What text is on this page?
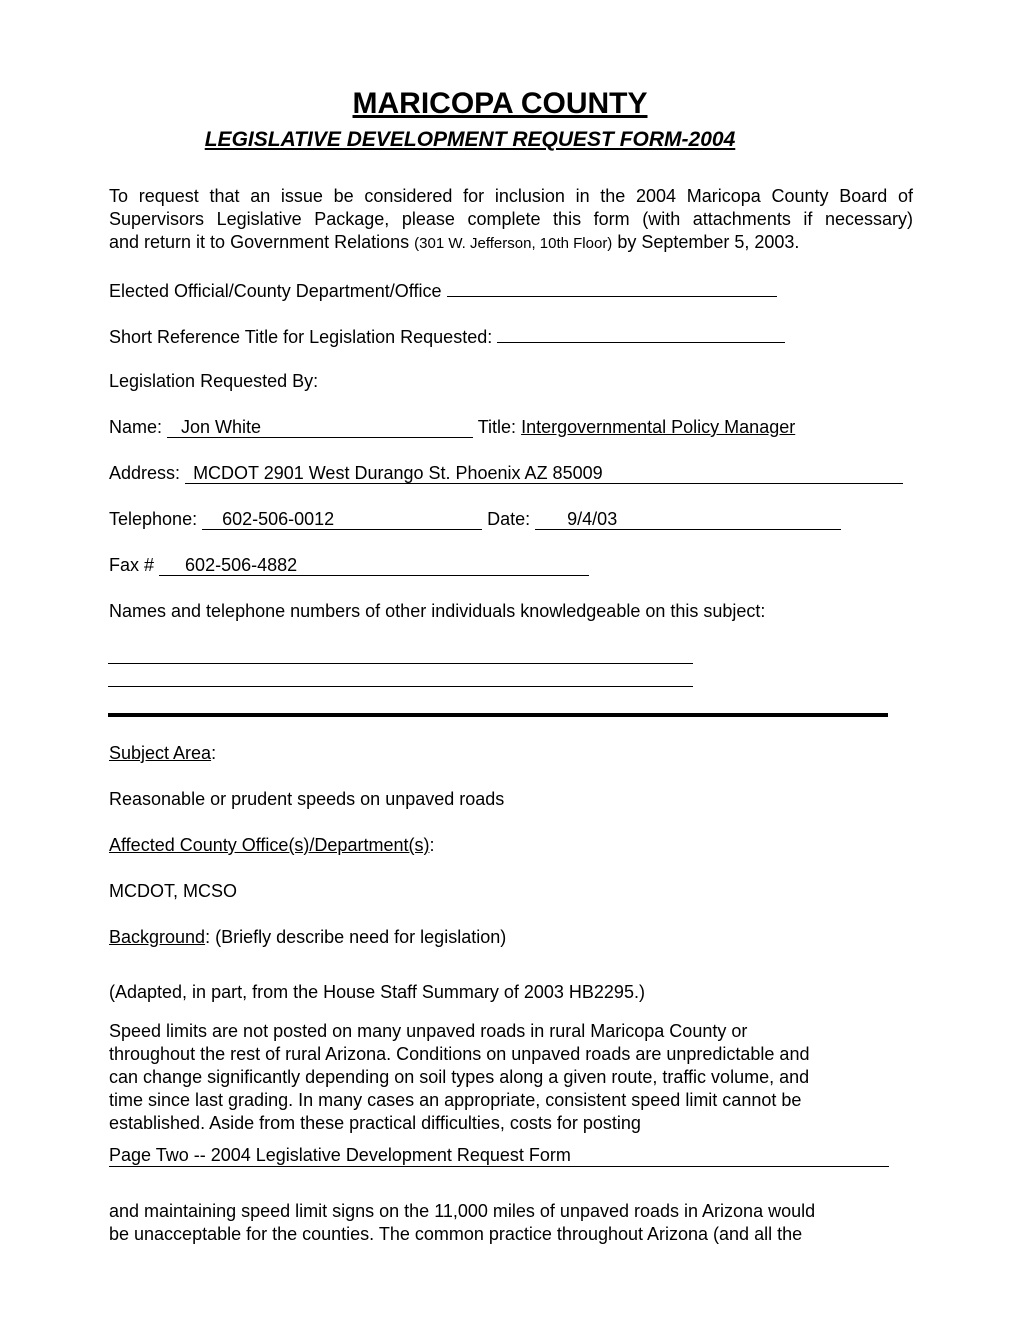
MARICOPA COUNTY
LEGISLATIVE DEVELOPMENT REQUEST FORM-2004
To request that an issue be considered for inclusion in the 2004 Maricopa County Board of
Supervisors Legislative Package, please complete this form (with attachments if necessary)
and return it to Government Relations (301 W. Jefferson, 10th Floor) by September 5, 2003.
Elected Official/County Department/Office
Short Reference Title for Legislation Requested:
Legislation Requested By:
Name: Jon White	Title: Intergovernmental Policy Manager
Address: MCDOT 2901 West Durango St. Phoenix AZ 85009
Telephone: 602-506-0012	Date: 9/4/03
Fax # 602-506-4882
Names and telephone numbers of other individuals knowledgeable on this subject:
Subject Area:
Reasonable or prudent speeds on unpaved roads
Affected County Office(s)/Department(s):
MCDOT, MCSO
Background: (Briefly describe need for legislation)
(Adapted, in part, from the House Staff Summary of 2003 HB2295.)
Speed limits are not posted on many unpaved roads in rural Maricopa County or
throughout the rest of rural Arizona. Conditions on unpaved roads are unpredictable and
can change significantly depending on soil types along a given route, traffic volume, and
time since last grading. In many cases an appropriate, consistent speed limit cannot be
established. Aside from these practical difficulties, costs for posting
Page Two -- 2004 Legislative Development Request Form
and maintaining speed limit signs on the 11,000 miles of unpaved roads in Arizona would
be unacceptable for the counties. The common practice throughout Arizona (and all the
